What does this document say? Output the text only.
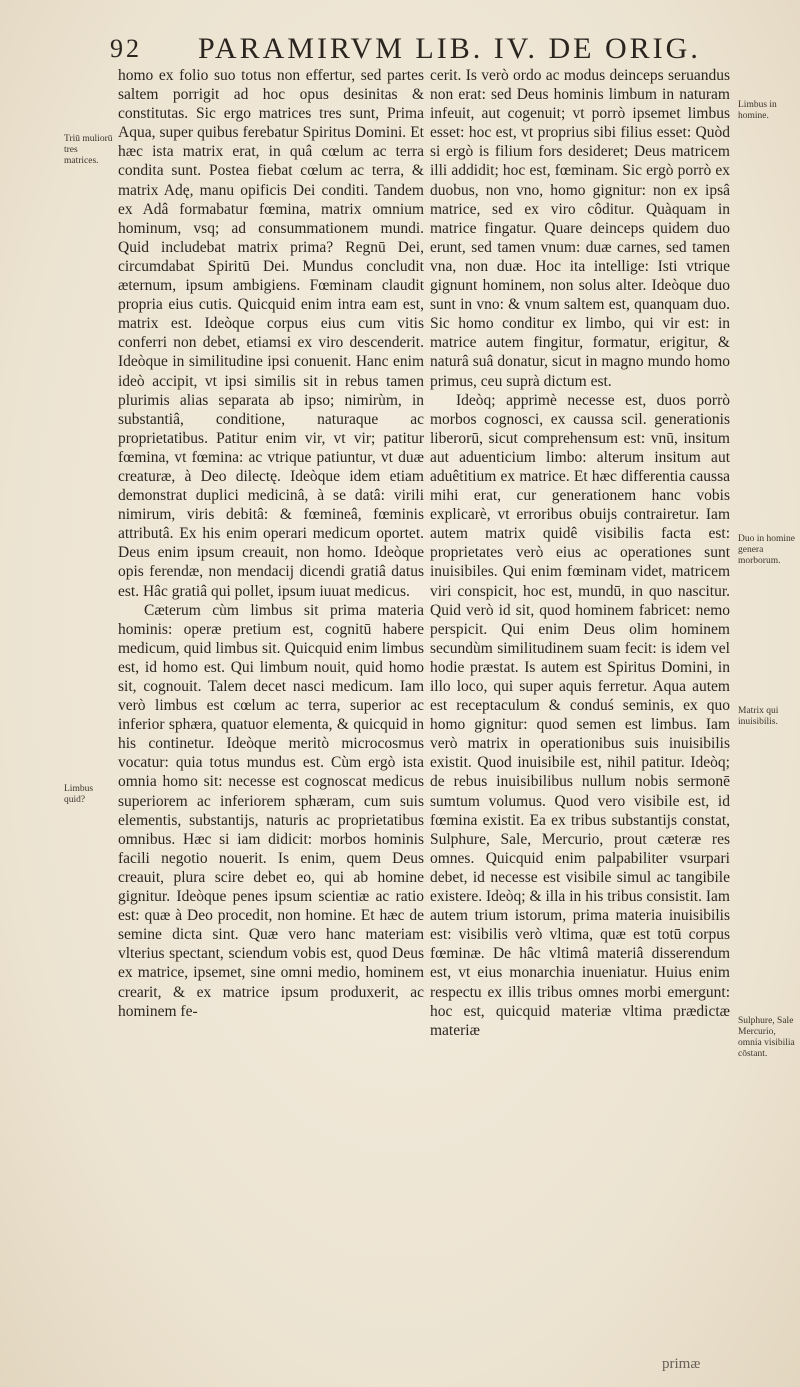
92 PARAMIRVM LIB. IV. DE ORIG.

homo ex folio suo totus non effertur, sed partes saltem porrigit ad hoc opus desinitas & constitutas. Sic ergo matrices tres sunt, Prima Aqua, super quibus ferebatur Spiritus Domini. Et hæc ista matrix erat, in quâ cœlum ac terra condita sunt. Postea fiebat cœlum ac terra, & matrix Adę, manu opificis Dei conditi. Tandem ex Adâ formabatur fœmina, matrix omnium hominum, vsq; ad consummationem mundi. Quid includebat matrix prima? Regnū Dei, circumdabat Spiritū Dei. Mundus concludit æternum, ipsum ambigiens. Fœminam claudit propria eius cutis. Quicquid enim intra eam est, matrix est. Ideòque corpus eius cum vitis conferri non debet, etiamsi ex viro descenderit. Ideòque in similitudine ipsi conuenit. Hanc enim ideò accipit, vt ipsi similis sit in rebus tamen plurimis alias separata ab ipso; nimirùm, in substantiâ, conditione, naturaque ac proprietatibus. Patitur enim vir, vt vir; patitur fœmina, vt fœmina: ac vtrique patiuntur, vt duæ creaturæ, à Deo dilectę. Ideòque idem etiam demonstrat duplici medicinâ, à se datâ: virili nimirum, viris debitâ: & fœmineâ, fœminis attributâ. Ex his enim operari medicum oportet. Deus enim ipsum creauit, non homo. Ideòque opis ferendæ, non mendacij dicendi gratiâ datus est. Hâc gratiâ qui pollet, ipsum iuuat medicus.

Cæterum cùm limbus sit prima materia hominis: operæ pretium est, cognitū habere medicum, quid limbus sit. Quicquid enim limbus est, id homo est. Qui limbum nouit, quid homo sit, cognouit. Talem decet nasci medicum. Iam verò limbus est cœlum ac terra, superior ac inferior sphæra, quatuor elementa, & quicquid in his continetur. Ideòque meritò microcosmus vocatur: quia totus mundus est. Cùm ergò ista omnia homo sit: necesse est cognoscat medicus superiorem ac inferiorem sphæram, cum suis elementis, substantijs, naturis ac proprietatibus omnibus. Hæc si iam didicit: morbos hominis facili negotio nouerit. Is enim, quem Deus creauit, plura scire debet eo, qui ab homine gignitur. Ideòque penes ipsum scientiæ ac ratio est: quæ à Deo procedit, non homine. Et hæc de semine dicta sint. Quæ vero hanc materiam vlterius spectant, sciendum vobis est, quod Deus ex matrice, ipsemet, sine omni medio, hominem crearit, & ex matrice ipsum produxerit, ac hominem fe-

cerit. Is verò ordo ac modus deinceps seruandus non erat: sed Deus hominis limbum in naturam infeuit, aut cogenuit; vt porrò ipsemet limbus esset: hoc est, vt proprius sibi filius esset: Quòd si ergò is filium fors desideret; Deus matricem illi addidit; hoc est, fœminam. Sic ergò porrò ex duobus, non vno, homo gignitur: non ex ipsâ matrice, sed ex viro côditur. Quàquam in matrice fingatur. Quare deinceps quidem duo erunt, sed tamen vnum: duæ carnes, sed tamen vna, non duæ. Hoc ita intellige: Isti vtrique gignunt hominem, non solus alter. Ideòque duo sunt in vno: & vnum saltem est, quanquam duo. Sic homo conditur ex limbo, qui vir est: in matrice autem fingitur, formatur, erigitur, & naturâ suâ donatur, sicut in magno mundo homo primus, ceu suprà dictum est.

Ideòq; apprimè necesse est, duos porrò morbos cognosci, ex caussa scil. generationis liberorū, sicut comprehensum est: vnū, insitum aut aduenticium limbo: alterum insitum aut aduêtitium ex matrice. Et hæc differentia caussa mihi erat, cur generationem hanc vobis explicarè, vt erroribus obuijs contrairetur. Iam autem matrix quidê visibilis facta est: proprietates verò eius ac operationes sunt inuisibiles. Qui enim fœminam videt, matricem viri conspicit, hoc est, mundū, in quo nascitur. Quid verò id sit, quod hominem fabricet: nemo perspicit. Qui enim Deus olim hominem secundùm similitudinem suam fecit: is idem vel hodie præstat. Is autem est Spiritus Domini, in illo loco, qui super aquis ferretur. Aqua autem est receptaculum & conduś seminis, ex quo homo gignitur: quod semen est limbus. Iam verò matrix in operationibus suis inuisibilis existit. Quod inuisibile est, nihil patitur. Ideòq; de rebus inuisibilibus nullum nobis sermonē sumtum volumus. Quod vero visibile est, id fœmina existit. Ea ex tribus substantijs constat, Sulphure, Sale, Mercurio, prout cæteræ res omnes. Quicquid enim palpabiliter vsurpari debet, id necesse est visibile simul ac tangibile existere. Ideòq; & illa in his tribus consistit. Iam autem trium istorum, prima materia inuisibilis est: visibilis verò vltima, quæ est totū corpus fœminæ. De hâc vltimâ materiâ disserendum est, vt eius monarchia inueniatur. Huius enim respectu ex illis tribus omnes morbi emergunt: hoc est, quicquid materiæ vltima prædictæ materiæ

Triū muliorū tres matrices.
Limbus quid?
Limbus in homine.
Duo in homine genera morborum.
Matrix qui inuisibilis.
Sulphure, Sale Mercurio, omnia visibilia cōstant.
primæ
